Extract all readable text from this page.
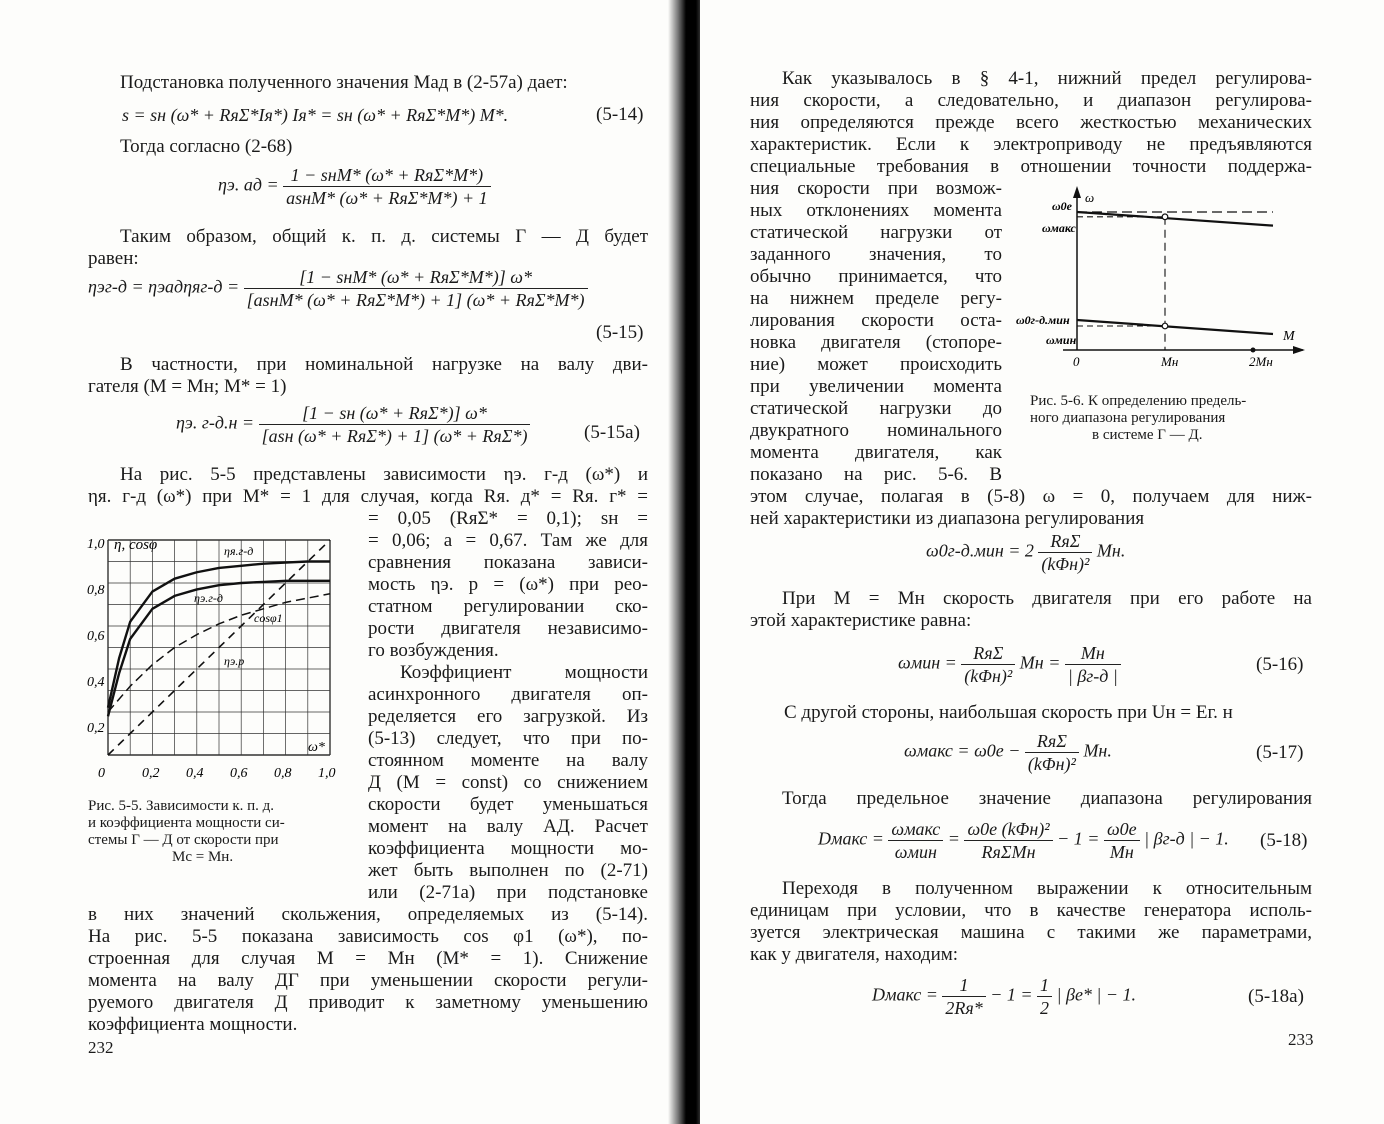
Подстановка полученного значения Mад в (2-57а) дает:
s = sн (ω* + RяΣ*Iя*) Iя* = sн (ω* + RяΣ*M*) M*.	(5-14)
Тогда согласно (2-68)
ηэ. ад = $\frac{\text{1 − sнM* (ω* + RяΣ*M*)}}{\text{asнM* (ω* + RяΣ*M*) + 1}}$
Таким образом, общий к. п. д. системы Г — Д будет
равен:
$\eta эг-д = \eta эад\eta яг-д = \frac{\text{[1 − sнM* (ω* + RяΣ*M*)] ω*}}{\text{[asнM* (ω* + RяΣ*M*) + 1] (ω* + RяΣ*M*)}}$
(5-15)
В частности, при номинальной нагрузке на валу дви-
гателя (M = Mн; M* = 1)
ηэ. $г-д.н = \frac{\text{[1 − sн (ω* + RяΣ*)] ω*}}{\text{[asн (ω* + RяΣ*) + 1] (ω* + RяΣ*)}}$	(5-15а)
На рис. 5-5 представлены зависимости ηэ. г-д (ω*) и
ηя. г-д (ω*) при M* = 1 для случая, когда Rя. д* = Rя. г* =
= 0,05 (RяΣ* = 0,1); sн =
= 0,06; a = 0,67. Там же для
сравнения показана зависи-
мость ηэ. р = (ω*) при рео-
статном регулировании ско-
рости двигателя независимо-
го возбуждения.
Коэффициент мощности
асинхронного двигателя оп-
ределяется его загрузкой. Из
(5-13) следует, что при по-
стоянном моменте на валу
Д (M = const) со снижением
скорости будет уменьшаться
момент на валу АД. Расчет
коэффициента мощности мо-
жет быть выполнен по (2-71)
или (2-71а) при подстановке
в них значений скольжения, определяемых из (5-14).
На рис. 5-5 показана зависимость cos φ1 (ω*), по-
строенная для случая M = Mн (M* = 1). Снижение
момента на валу ДГ при уменьшении скорости регули-
руемого двигателя Д приводит к заметному уменьшению
коэффициента мощности.
1,0
0,8
0,6
0,4
0,2
0	0,2 0,4 0,6 0,8 1,0
η, cosφ
ω*
ηя.г-д
ηэ.г-д
cosφ1
ηэ.р
Рис. 5-5. Зависимости к. п. д.
и коэффициента мощности си-
стемы Г — Д от скорости при
Mс = Mн.
232
Как указывалось в § 4-1, нижний предел регулирова-
ния скорости, а следовательно, и диапазон регулирова-
ния определяются прежде всего жесткостью механических
характеристик. Если к электроприводу не предъявляются
специальные требования в отношении точности поддержа-
ния скорости при возмож-
ных отклонениях момента
статической нагрузки от
заданного значения, то
обычно принимается, что
на нижнем пределе регу-
лирования скорости оста-
новка двигателя (стопоре-
ние) может происходить
при увеличении момента
статической нагрузки до
двукратного номинального
момента двигателя, как
показано на рис. 5-6. В
этом случае, полагая в (5-8) ω = 0, получаем для ниж-
ней характеристики из диапазона регулирования
ω0е
ω
ωмакс
ω0г-д.мин
ωмин	M
0	Mн	2Mн
Рис. 5-6. К определению предель-
ного диапазона регулирования
в системе Г — Д.
$\omega 0г-д.мин = 2 \frac{\text{RяΣ}}{\text{(kΦн)²}}$ Mн.
При M = Mн скорость двигателя при его работе на
этой характеристике равна:
$\omega мин = \frac{\text{RяΣ}}{\text{(kΦн)²}}$ Mн = $\frac{Mн}{| \beta г-д |}$	(5-16)
С другой стороны, наибольшая скорость при Uн = Eг. н
ωмакс = $\omega 0е - \frac{\text{RяΣ}}{\text{(kΦн)²}}$ Mн.	(5-17)
Тогда предельное значение диапазона регулирования
Dмакс = $\frac{\text{ωмакс}}{\text{ωмин}} = \frac{\text{ω0е (kΦн)²}}{\text{RяΣMн}} - 1 = \frac{\omega 0е}{Mн}$ | βг-д | − 1. (5-18)
Переходя в полученном выражении к относительным
единицам при условии, что в качестве генератора исполь-
зуется электрическая машина с такими же параметрами,
как у двигателя, находим:
Dмакс = $\frac{1}{2Rя*} - 1 = \frac{1}{2}$ | βе* | − 1.	(5-18а)
233
